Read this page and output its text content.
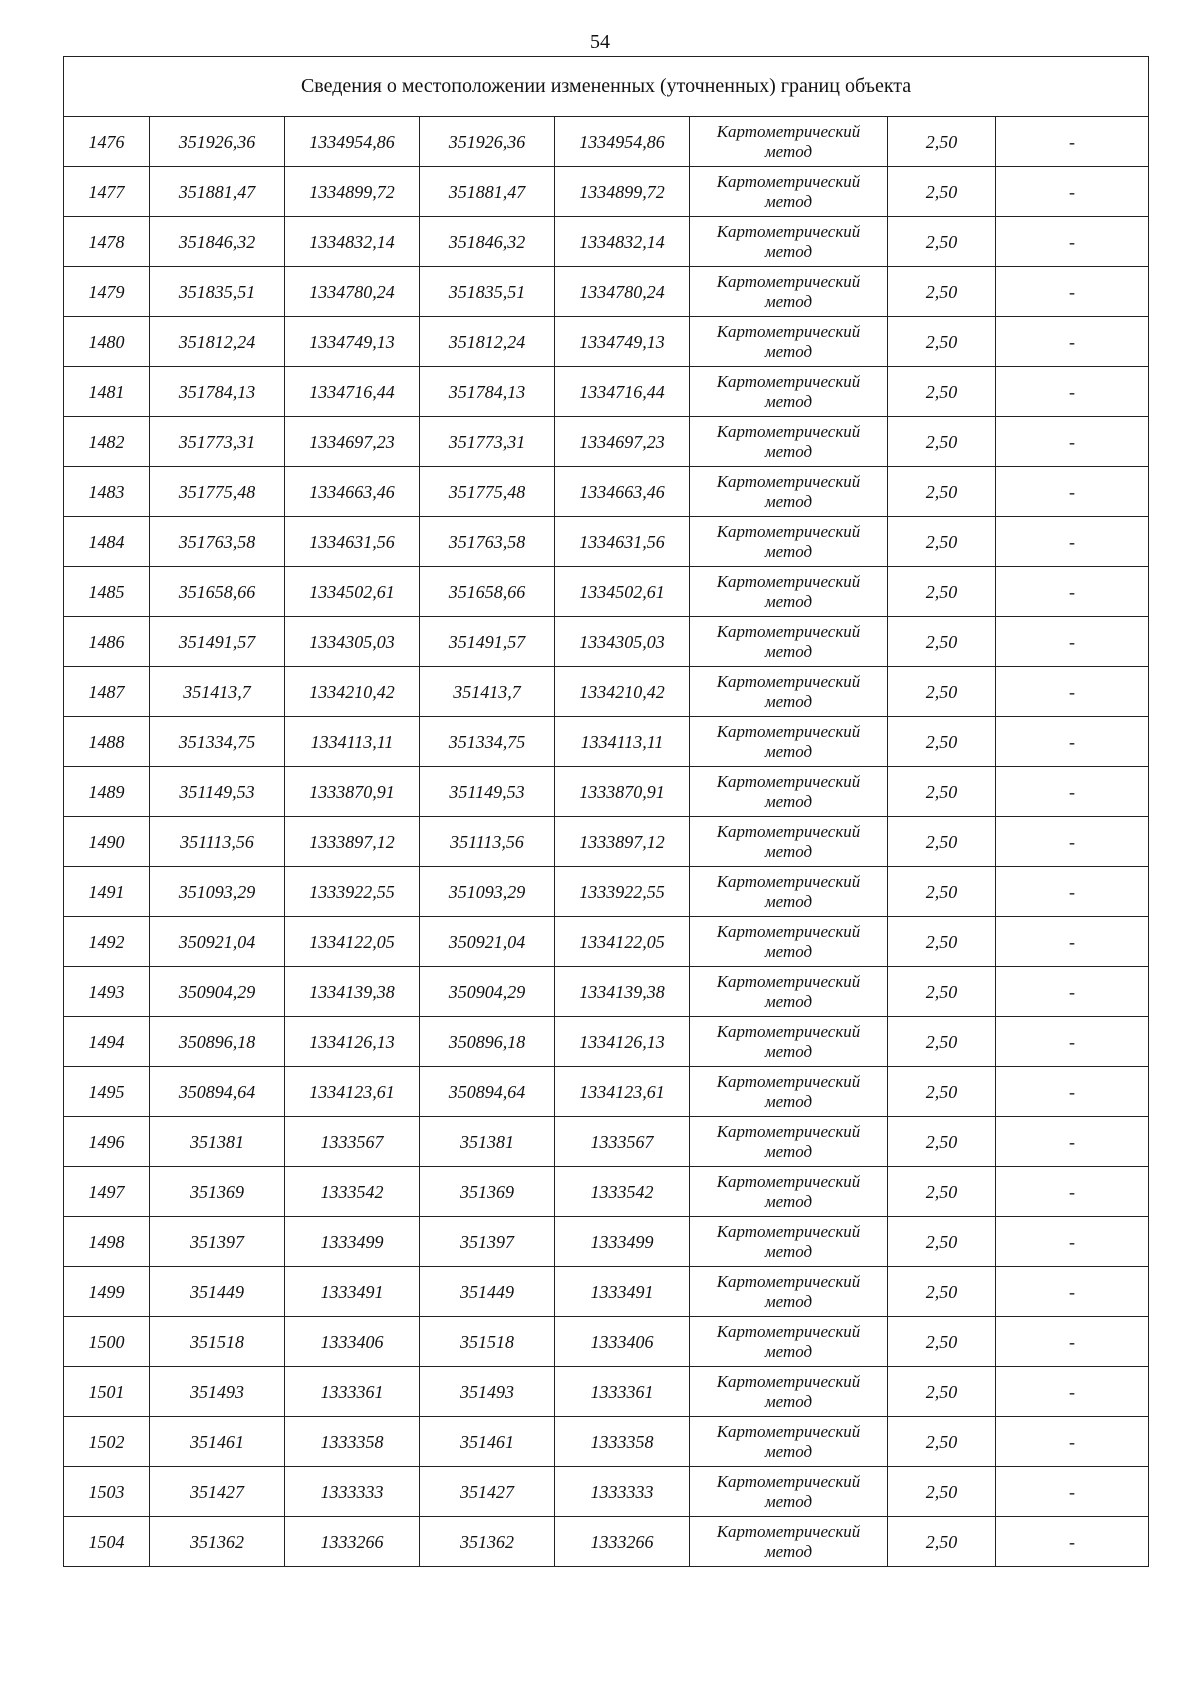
54
Сведения о местоположении измененных (уточненных) границ объекта							
1476	351926,36	1334954,86	351926,36	1334954,86	Картометрический метод	2,50	-
1477	351881,47	1334899,72	351881,47	1334899,72	Картометрический метод	2,50	-
1478	351846,32	1334832,14	351846,32	1334832,14	Картометрический метод	2,50	-
1479	351835,51	1334780,24	351835,51	1334780,24	Картометрический метод	2,50	-
1480	351812,24	1334749,13	351812,24	1334749,13	Картометрический метод	2,50	-
1481	351784,13	1334716,44	351784,13	1334716,44	Картометрический метод	2,50	-
1482	351773,31	1334697,23	351773,31	1334697,23	Картометрический метод	2,50	-
1483	351775,48	1334663,46	351775,48	1334663,46	Картометрический метод	2,50	-
1484	351763,58	1334631,56	351763,58	1334631,56	Картометрический метод	2,50	-
1485	351658,66	1334502,61	351658,66	1334502,61	Картометрический метод	2,50	-
1486	351491,57	1334305,03	351491,57	1334305,03	Картометрический метод	2,50	-
1487	351413,7	1334210,42	351413,7	1334210,42	Картометрический метод	2,50	-
1488	351334,75	1334113,11	351334,75	1334113,11	Картометрический метод	2,50	-
1489	351149,53	1333870,91	351149,53	1333870,91	Картометрический метод	2,50	-
1490	351113,56	1333897,12	351113,56	1333897,12	Картометрический метод	2,50	-
1491	351093,29	1333922,55	351093,29	1333922,55	Картометрический метод	2,50	-
1492	350921,04	1334122,05	350921,04	1334122,05	Картометрический метод	2,50	-
1493	350904,29	1334139,38	350904,29	1334139,38	Картометрический метод	2,50	-
1494	350896,18	1334126,13	350896,18	1334126,13	Картометрический метод	2,50	-
1495	350894,64	1334123,61	350894,64	1334123,61	Картометрический метод	2,50	-
1496	351381	1333567	351381	1333567	Картометрический метод	2,50	-
1497	351369	1333542	351369	1333542	Картометрический метод	2,50	-
1498	351397	1333499	351397	1333499	Картометрический метод	2,50	-
1499	351449	1333491	351449	1333491	Картометрический метод	2,50	-
1500	351518	1333406	351518	1333406	Картометрический метод	2,50	-
1501	351493	1333361	351493	1333361	Картометрический метод	2,50	-
1502	351461	1333358	351461	1333358	Картометрический метод	2,50	-
1503	351427	1333333	351427	1333333	Картометрический метод	2,50	-
1504	351362	1333266	351362	1333266	Картометрический метод	2,50	-
